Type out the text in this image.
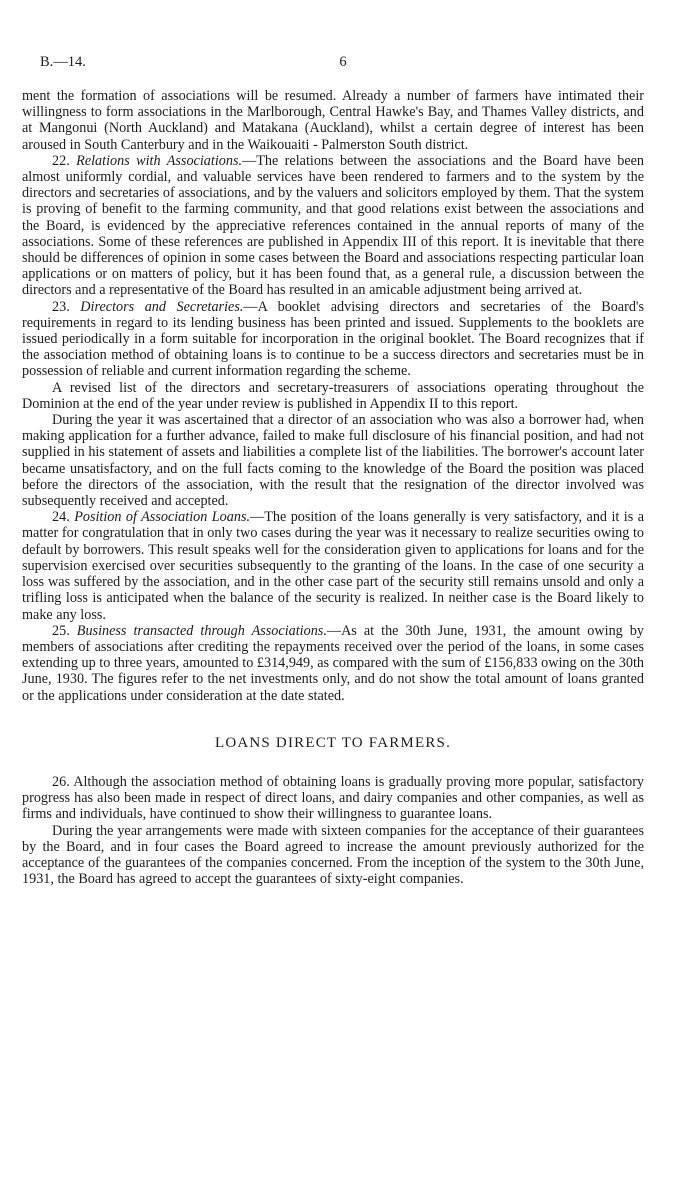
B.—14.	6

ment the formation of associations will be resumed. Already a number of farmers have intimated their willingness to form associations in the Marlborough, Central Hawke's Bay, and Thames Valley districts, and at Mangonui (North Auckland) and Matakana (Auckland), whilst a certain degree of interest has been aroused in South Canterbury and in the Waikouaiti - Palmerston South district.

22. Relations with Associations.—The relations between the associations and the Board have been almost uniformly cordial, and valuable services have been rendered to farmers and to the system by the directors and secretaries of associations, and by the valuers and solicitors employed by them. That the system is proving of benefit to the farming community, and that good relations exist between the associations and the Board, is evidenced by the appreciative references contained in the annual reports of many of the associations. Some of these references are published in Appendix III of this report. It is inevitable that there should be differences of opinion in some cases between the Board and associations respecting particular loan applications or on matters of policy, but it has been found that, as a general rule, a discussion between the directors and a representative of the Board has resulted in an amicable adjustment being arrived at.

23. Directors and Secretaries.—A booklet advising directors and secretaries of the Board's requirements in regard to its lending business has been printed and issued. Supplements to the booklets are issued periodically in a form suitable for incorporation in the original booklet. The Board recognizes that if the association method of obtaining loans is to continue to be a success directors and secretaries must be in possession of reliable and current information regarding the scheme.

A revised list of the directors and secretary-treasurers of associations operating throughout the Dominion at the end of the year under review is published in Appendix II to this report.

During the year it was ascertained that a director of an association who was also a borrower had, when making application for a further advance, failed to make full disclosure of his financial position, and had not supplied in his statement of assets and liabilities a complete list of the liabilities. The borrower's account later became unsatisfactory, and on the full facts coming to the knowledge of the Board the position was placed before the directors of the association, with the result that the resignation of the director involved was subsequently received and accepted.

24. Position of Association Loans.—The position of the loans generally is very satisfactory, and it is a matter for congratulation that in only two cases during the year was it necessary to realize securities owing to default by borrowers. This result speaks well for the consideration given to applications for loans and for the supervision exercised over securities subsequently to the granting of the loans. In the case of one security a loss was suffered by the association, and in the other case part of the security still remains unsold and only a trifling loss is anticipated when the balance of the security is realized. In neither case is the Board likely to make any loss.

25. Business transacted through Associations.—As at the 30th June, 1931, the amount owing by members of associations after crediting the repayments received over the period of the loans, in some cases extending up to three years, amounted to £314,949, as compared with the sum of £156,833 owing on the 30th June, 1930. The figures refer to the net investments only, and do not show the total amount of loans granted or the applications under consideration at the date stated.

LOANS DIRECT TO FARMERS.

26. Although the association method of obtaining loans is gradually proving more popular, satisfactory progress has also been made in respect of direct loans, and dairy companies and other companies, as well as firms and individuals, have continued to show their willingness to guarantee loans.

During the year arrangements were made with sixteen companies for the acceptance of their guarantees by the Board, and in four cases the Board agreed to increase the amount previously authorized for the acceptance of the guarantees of the companies concerned. From the inception of the system to the 30th June, 1931, the Board has agreed to accept the guarantees of sixty-eight companies.
